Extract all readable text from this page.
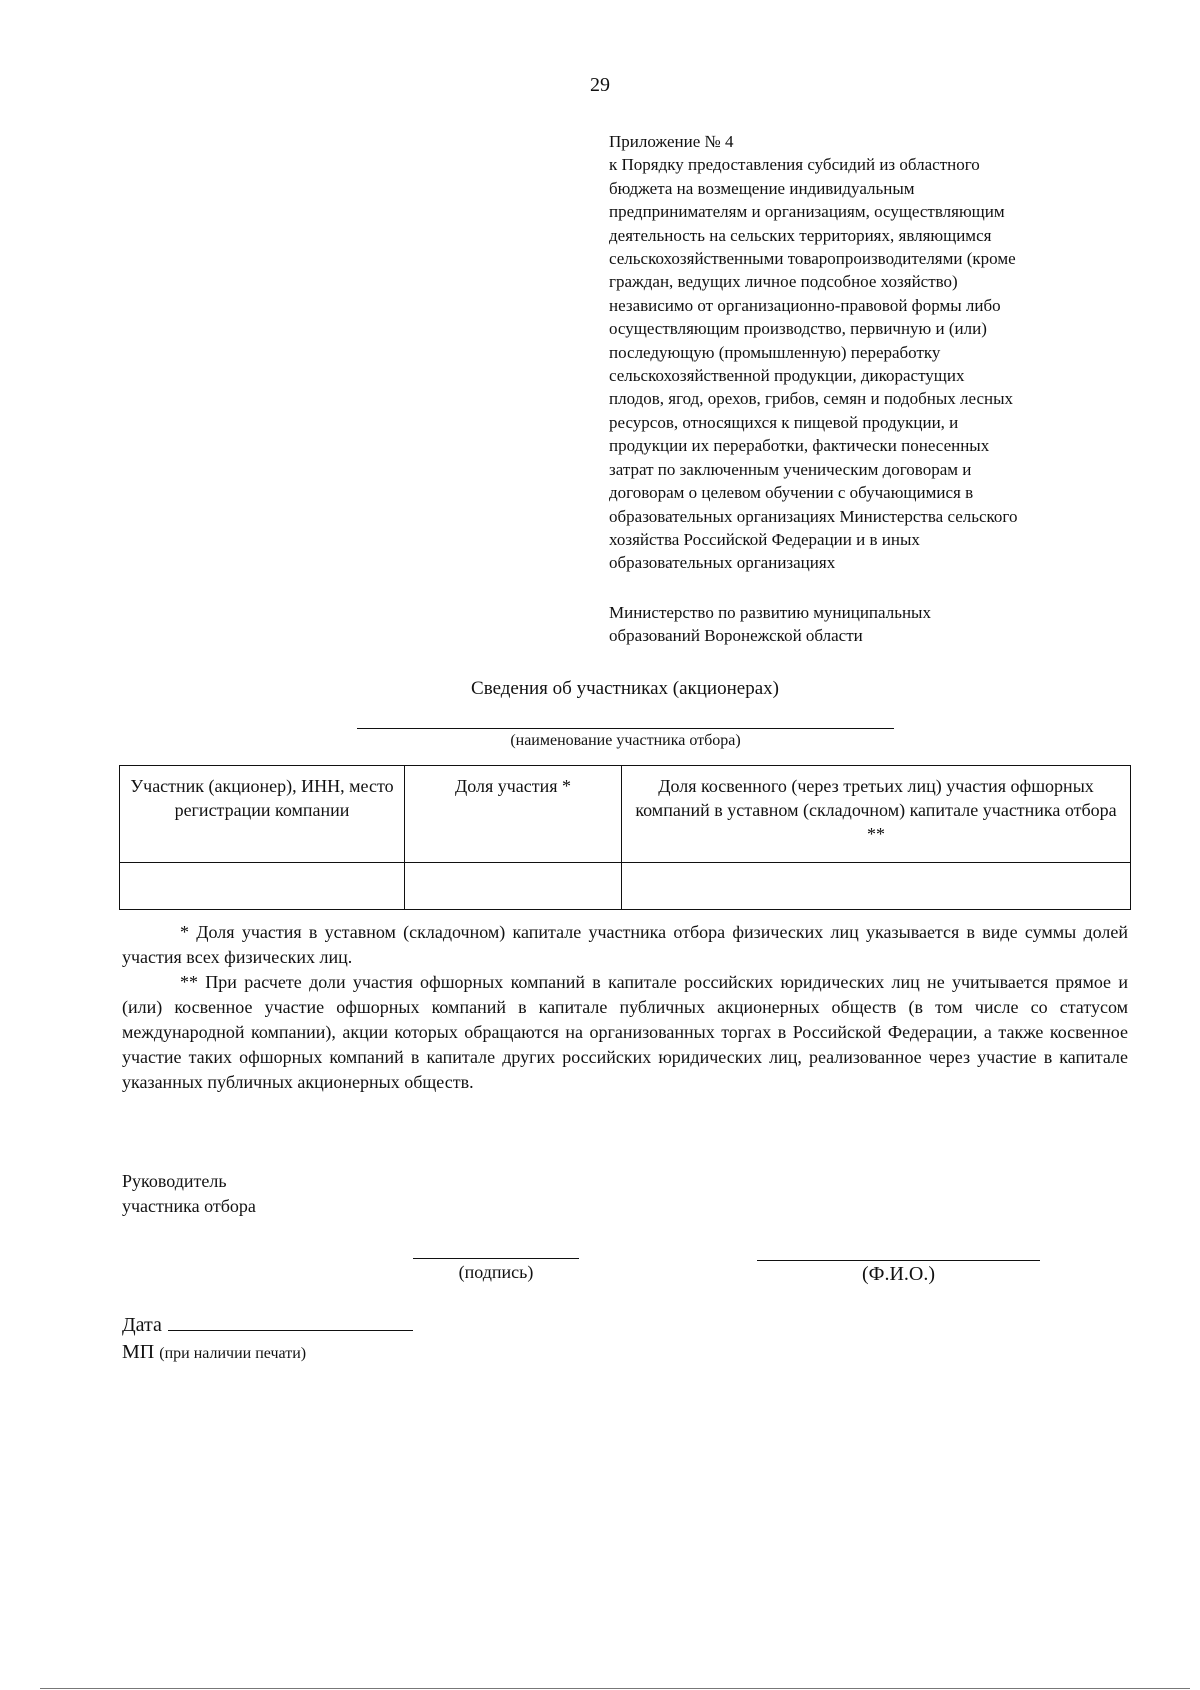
29
Приложение № 4
к Порядку предоставления субсидий из областного
бюджета на возмещение индивидуальным
предпринимателям и организациям, осуществляющим
деятельность на сельских территориях, являющимся
сельскохозяйственными товаропроизводителями (кроме
граждан, ведущих личное подсобное хозяйство)
независимо от организационно-правовой формы либо
осуществляющим производство, первичную и (или)
последующую (промышленную) переработку
сельскохозяйственной продукции, дикорастущих
плодов, ягод, орехов, грибов, семян и подобных лесных
ресурсов, относящихся к пищевой продукции, и
продукции их переработки, фактически понесенных
затрат по заключенным ученическим договорам и
договорам о целевом обучении с обучающимися в
образовательных организациях Министерства сельского
хозяйства Российской Федерации и в иных
образовательных организациях
Министерство по развитию муниципальных
образований Воронежской области
Сведения об участниках (акционерах)
(наименование участника отбора)
Участник (акционер), ИНН, место регистрации компании	Доля участия *	Доля косвенного (через третьих лиц) участия офшорных компаний в уставном (складочном) капитале участника отбора **

* Доля участия в уставном (складочном) капитале участника отбора физических лиц указывается в виде суммы долей участия всех физических лиц.

** При расчете доли участия офшорных компаний в капитале российских юридических лиц не учитывается прямое и (или) косвенное участие офшорных компаний в капитале публичных акционерных обществ (в том числе со статусом международной компании), акции которых обращаются на организованных торгах в Российской Федерации, а также косвенное участие таких офшорных компаний в капитале других российских юридических лиц, реализованное через участие в капитале указанных публичных акционерных обществ.

Руководитель
участника отбора
(подпись)	(Ф.И.О.)
Дата
МП (при наличии печати)
